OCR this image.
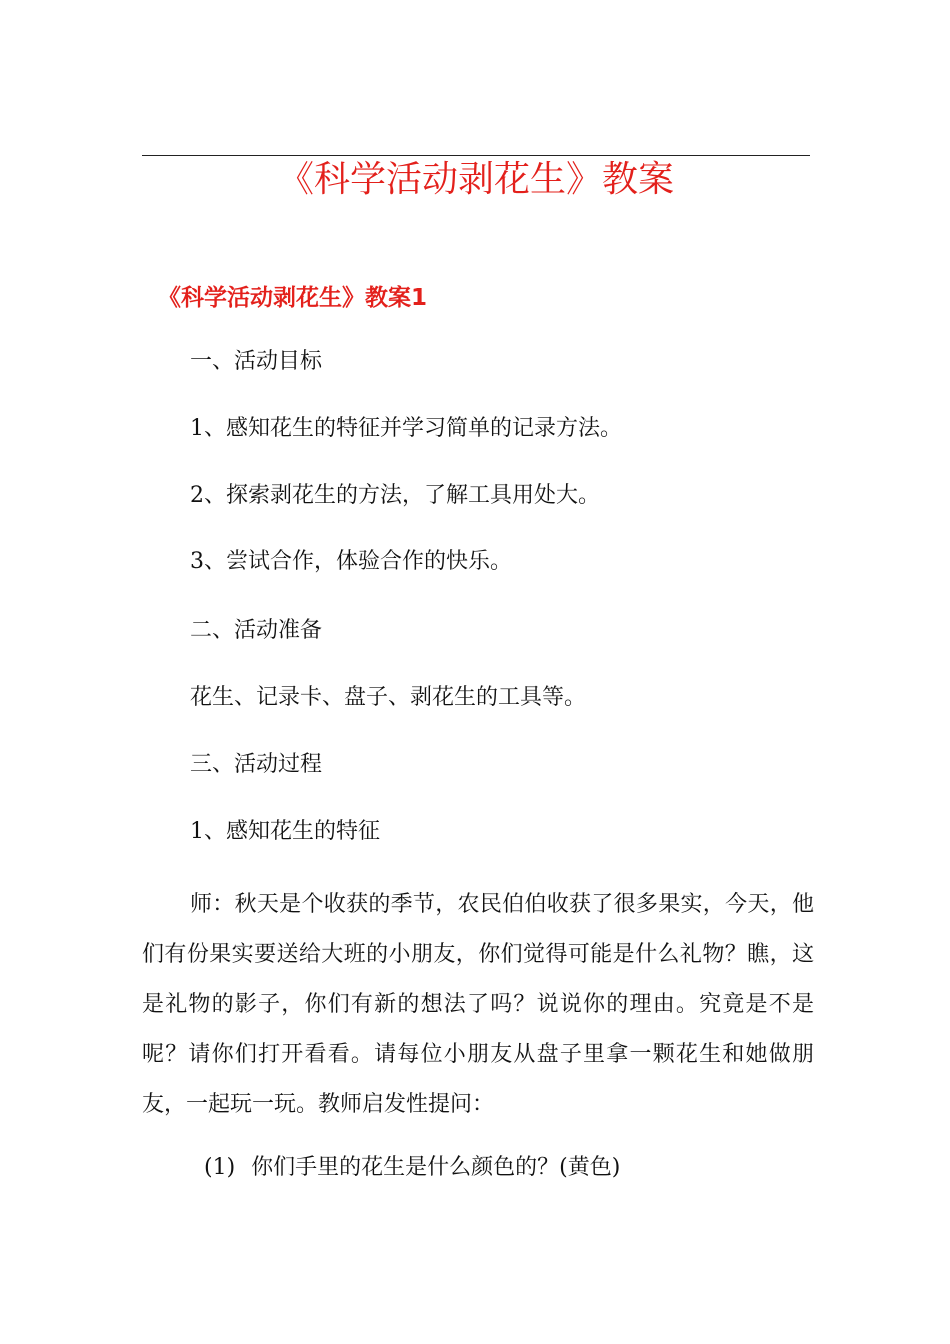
《科学活动剥花生》教案
《科学活动剥花生》教案1
一、活动目标
1、感知花生的特征并学习简单的记录方法。
2、探索剥花生的方法，了解工具用处大。
3、尝试合作，体验合作的快乐。
二、活动准备
花生、记录卡、盘子、剥花生的工具等。
三、活动过程
1、感知花生的特征
师：秋天是个收获的季节，农民伯伯收获了很多果实，今天，他们有份果实要送给大班的小朋友，你们觉得可能是什么礼物？瞧，这是礼物的影子，你们有新的想法了吗？说说你的理由。究竟是不是呢？请你们打开看看。请每位小朋友从盘子里拿一颗花生和她做朋友，一起玩一玩。教师启发性提问：
(1) 你们手里的花生是什么颜色的？(黄色)
